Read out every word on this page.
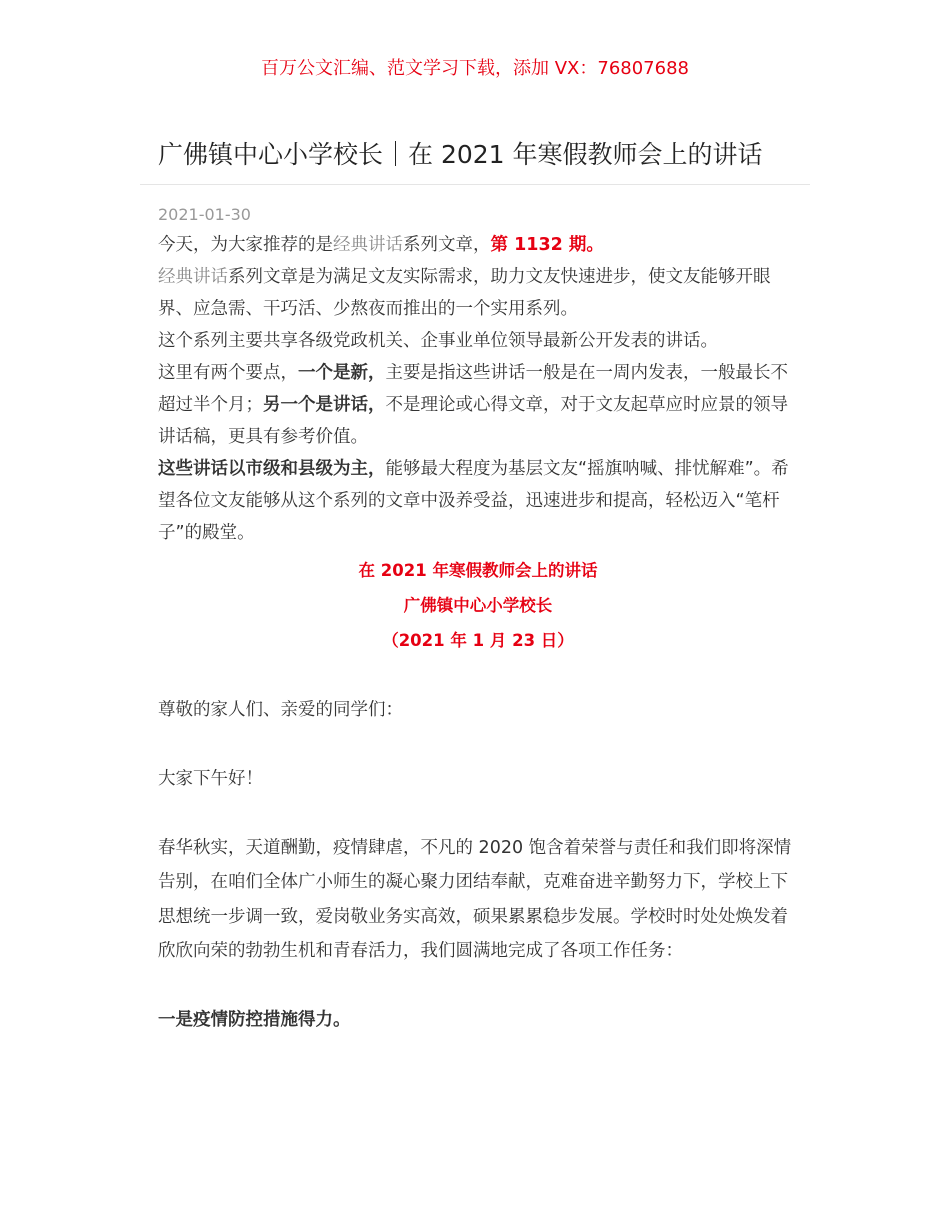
百万公文汇编、范文学习下载，添加 VX：76807688
广佛镇中心小学校长｜在 2021 年寒假教师会上的讲话
2021-01-30

今天，为大家推荐的是经典讲话系列文章，第 1132 期。

经典讲话系列文章是为满足文友实际需求，助力文友快速进步，使文友能够开眼界、应急需、干巧活、少熬夜而推出的一个实用系列。

这个系列主要共享各级党政机关、企事业单位领导最新公开发表的讲话。

这里有两个要点，一个是新，主要是指这些讲话一般是在一周内发表，一般最长不超过半个月；另一个是讲话，不是理论或心得文章，对于文友起草应时应景的领导讲话稿，更具有参考价值。

这些讲话以市级和县级为主，能够最大程度为基层文友“摇旗呐喊、排忧解难”。希望各位文友能够从这个系列的文章中汲养受益，迅速进步和提高，轻松迈入“笔杆子”的殿堂。

在 2021 年寒假教师会上的讲话

广佛镇中心小学校长

（2021 年 1 月 23 日）

尊敬的家人们、亲爱的同学们：

大家下午好！

春华秋实，天道酬勤，疫情肆虐，不凡的 2020 饱含着荣誉与责任和我们即将深情告别，在咱们全体广小师生的凝心聚力团结奉献，克难奋进辛勤努力下，学校上下思想统一步调一致，爱岗敬业务实高效，硕果累累稳步发展。学校时时处处焕发着欣欣向荣的勃勃生机和青春活力，我们圆满地完成了各项工作任务：

一是疫情防控措施得力。
